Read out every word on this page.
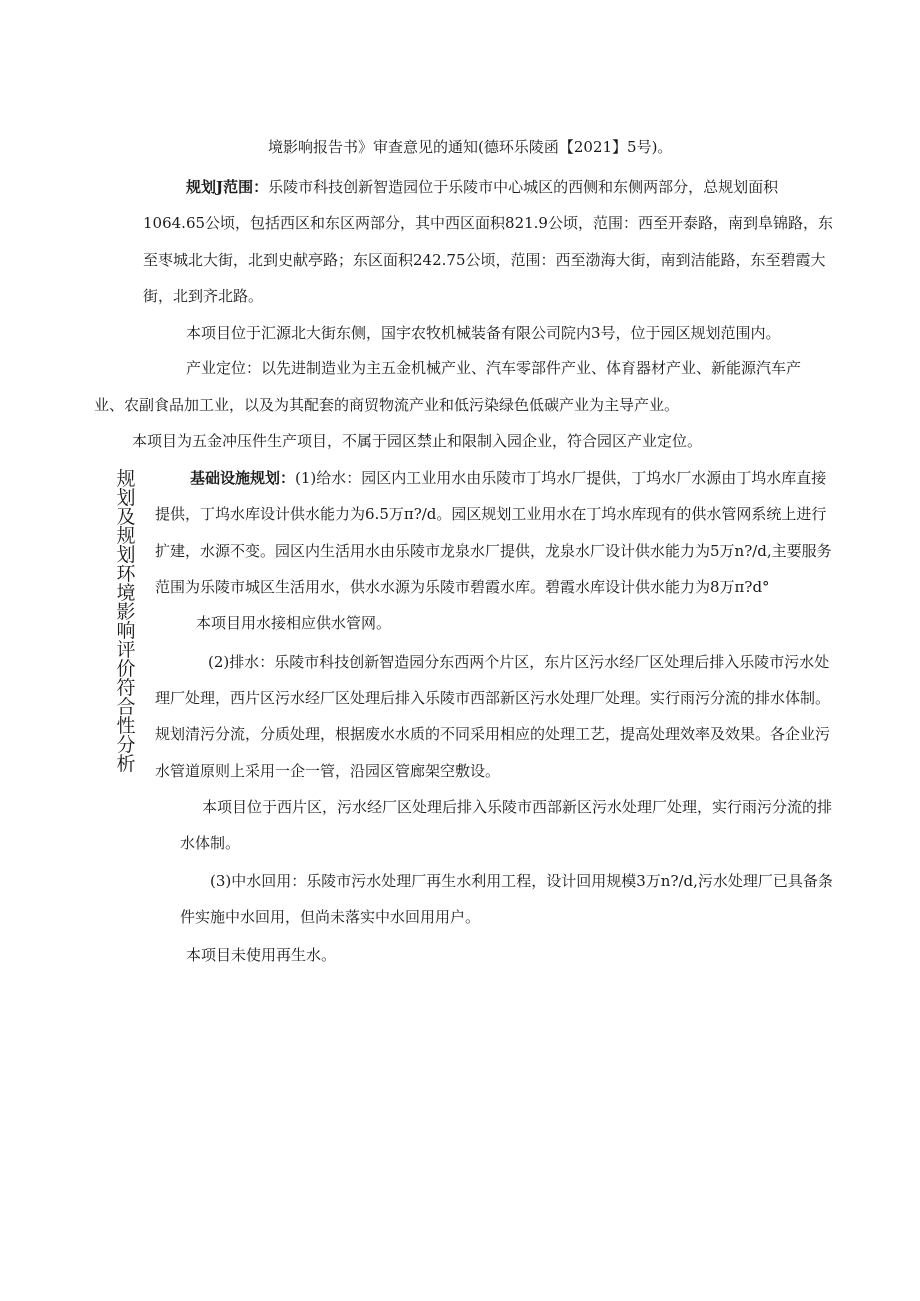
规划及规划环境影响评价符合性分析
境影响报告书》审查意见的通知(德环乐陵函【2021】5号)。
规划J范围：乐陵市科技创新智造园位于乐陵市中心城区的西侧和东侧两部分，总规划面积
1064.65公顷，包括西区和东区两部分，其中西区面积821.9公顷，范围：西至开泰路，南到阜锦路，东
至枣城北大街，北到史献亭路；东区面积242.75公顷，范围：西至渤海大街，南到洁能路，东至碧霞大
街，北到齐北路。
本项目位于汇源北大街东侧，国宇农牧机械装备有限公司院内3号，位于园区规划范围内。
产业定位：以先进制造业为主五金机械产业、汽车零部件产业、体育器材产业、新能源汽车产
业、农副食品加工业，以及为其配套的商贸物流产业和低污染绿色低碳产业为主导产业。
本项目为五金冲压件生产项目，不属于园区禁止和限制入园企业，符合园区产业定位。
基础设施规划：(1)给水：园区内工业用水由乐陵市丁坞水厂提供，丁坞水厂水源由丁坞水库直接
提供，丁坞水库设计供水能力为6.5万π?/d。园区规划工业用水在丁坞水库现有的供水管网系统上进行
扩建，水源不变。园区内生活用水由乐陵市龙泉水厂提供，龙泉水厂设计供水能力为5万n?/d,主要服务
范围为乐陵市城区生活用水，供水水源为乐陵市碧霞水库。碧霞水库设计供水能力为8万π?d°
本项目用水接相应供水管网。
(2)排水：乐陵市科技创新智造园分东西两个片区，东片区污水经厂区处理后排入乐陵市污水处
理厂处理，西片区污水经厂区处理后排入乐陵市西部新区污水处理厂处理。实行雨污分流的排水体制。
规划清污分流，分质处理，根据废水水质的不同采用相应的处理工艺，提高处理效率及效果。各企业污
水管道原则上采用一企一管，沿园区管廊架空敷设。
本项目位于西片区，污水经厂区处理后排入乐陵市西部新区污水处理厂处理，实行雨污分流的排
水体制。
(3)中水回用：乐陵市污水处理厂再生水利用工程，设计回用规模3万n?/d,污水处理厂已具备条
件实施中水回用，但尚未落实中水回用用户。
本项目未使用再生水。
